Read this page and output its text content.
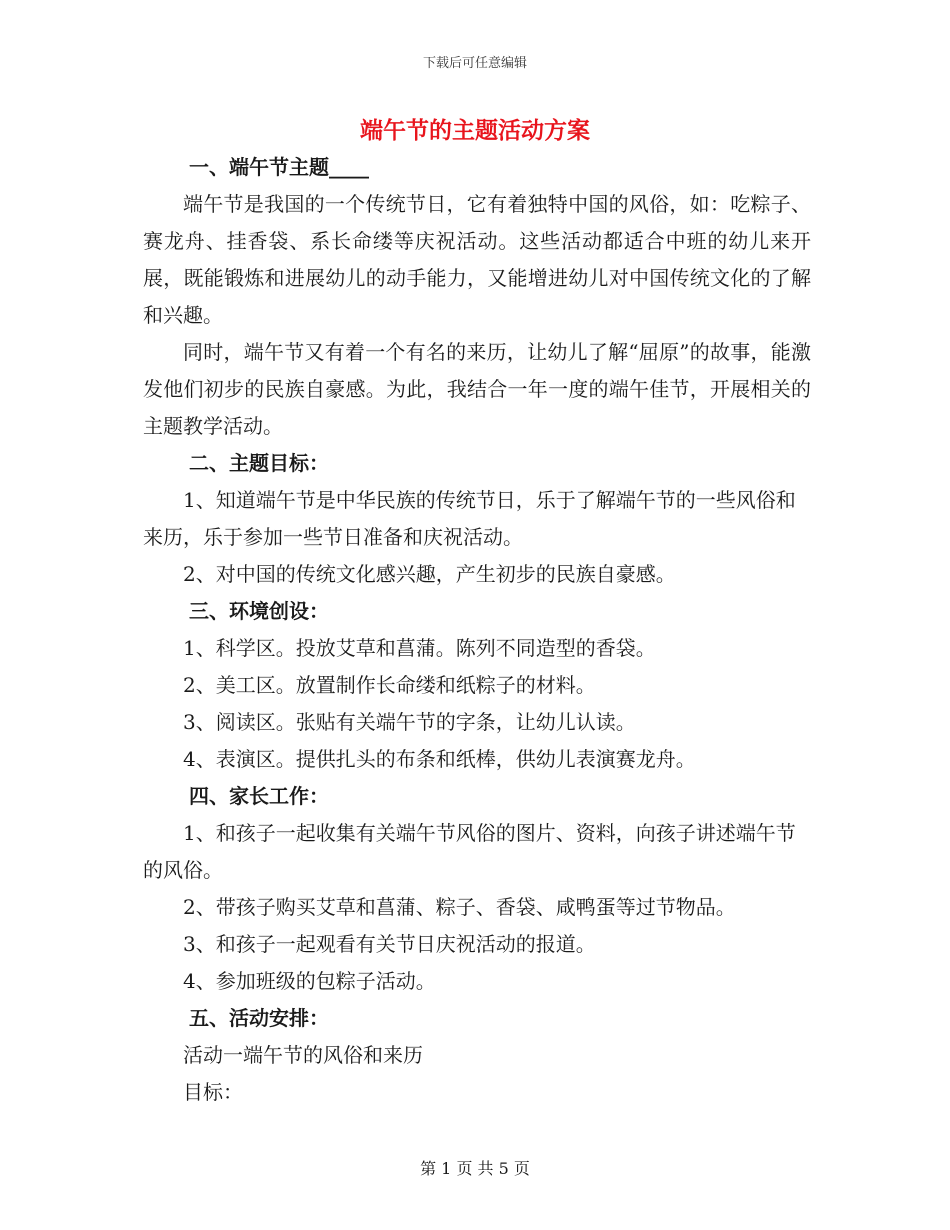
下载后可任意编辑
端午节的主题活动方案

一、端午节主题____

端午节是我国的一个传统节日，它有着独特中国的风俗，如：吃粽子、赛龙舟、挂香袋、系长命缕等庆祝活动。这些活动都适合中班的幼儿来开展，既能锻炼和进展幼儿的动手能力，又能增进幼儿对中国传统文化的了解和兴趣。

同时，端午节又有着一个有名的来历，让幼儿了解“屈原”的故事，能激发他们初步的民族自豪感。为此，我结合一年一度的端午佳节，开展相关的主题教学活动。

二、主题目标：

1、知道端午节是中华民族的传统节日，乐于了解端午节的一些风俗和来历，乐于参加一些节日准备和庆祝活动。

2、对中国的传统文化感兴趣，产生初步的民族自豪感。

三、环境创设：

1、科学区。投放艾草和菖蒲。陈列不同造型的香袋。

2、美工区。放置制作长命缕和纸粽子的材料。

3、阅读区。张贴有关端午节的字条，让幼儿认读。

4、表演区。提供扎头的布条和纸棒，供幼儿表演赛龙舟。

四、家长工作：

1、和孩子一起收集有关端午节风俗的图片、资料，向孩子讲述端午节的风俗。

2、带孩子购买艾草和菖蒲、粽子、香袋、咸鸭蛋等过节物品。

3、和孩子一起观看有关节日庆祝活动的报道。

4、参加班级的包粽子活动。

五、活动安排：

活动一端午节的风俗和来历

目标：

第 1 页 共 5 页
